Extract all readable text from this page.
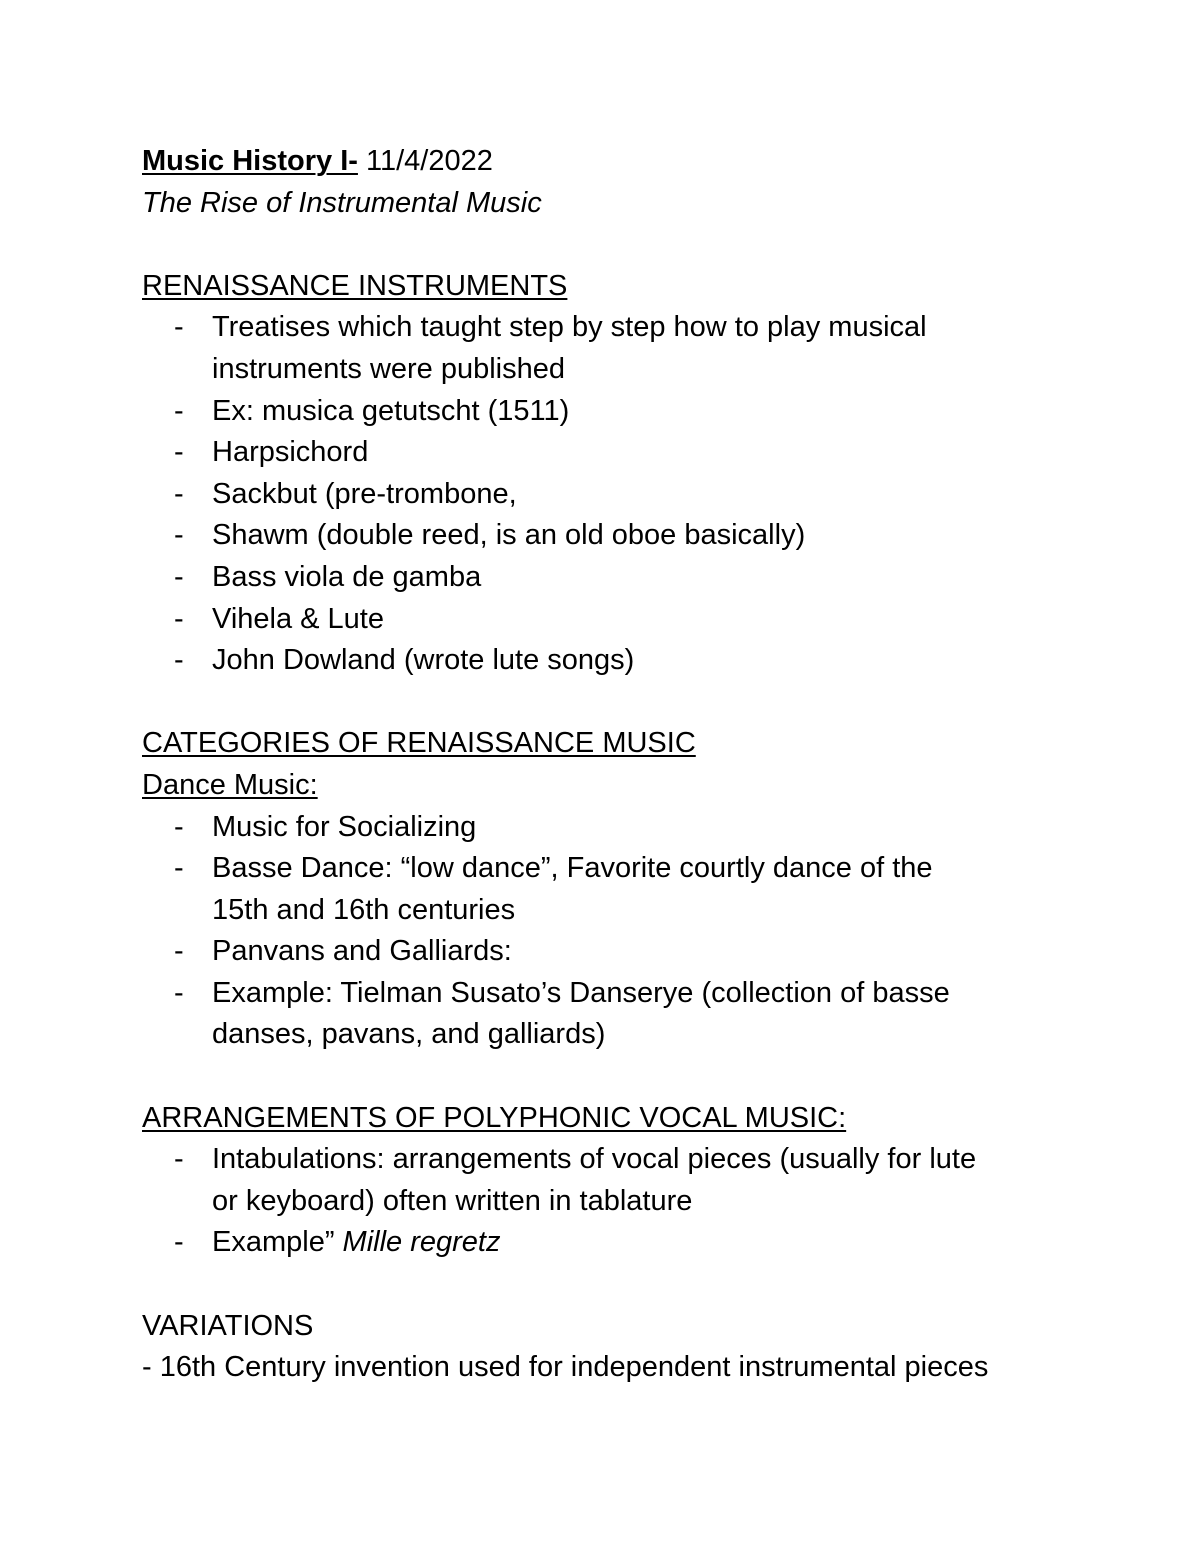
Music History I- 11/4/2022
The Rise of Instrumental Music
RENAISSANCE INSTRUMENTS
- Treatises which taught step by step how to play musical
instruments were published
- Ex: musica getutscht (1511)
- Harpsichord
- Sackbut (pre-trombone,
- Shawm (double reed, is an old oboe basically)
- Bass viola de gamba
- Vihela & Lute
- John Dowland (wrote lute songs)
CATEGORIES OF RENAISSANCE MUSIC
Dance Music:
- Music for Socializing
- Basse Dance: “low dance”, Favorite courtly dance of the
15th and 16th centuries
- Panvans and Galliards:
- Example: Tielman Susato’s Danserye (collection of basse
danses, pavans, and galliards)
ARRANGEMENTS OF POLYPHONIC VOCAL MUSIC:
- Intabulations: arrangements of vocal pieces (usually for lute
or keyboard) often written in tablature
- Example” Mille regretz
VARIATIONS
- 16th Century invention used for independent instrumental pieces
